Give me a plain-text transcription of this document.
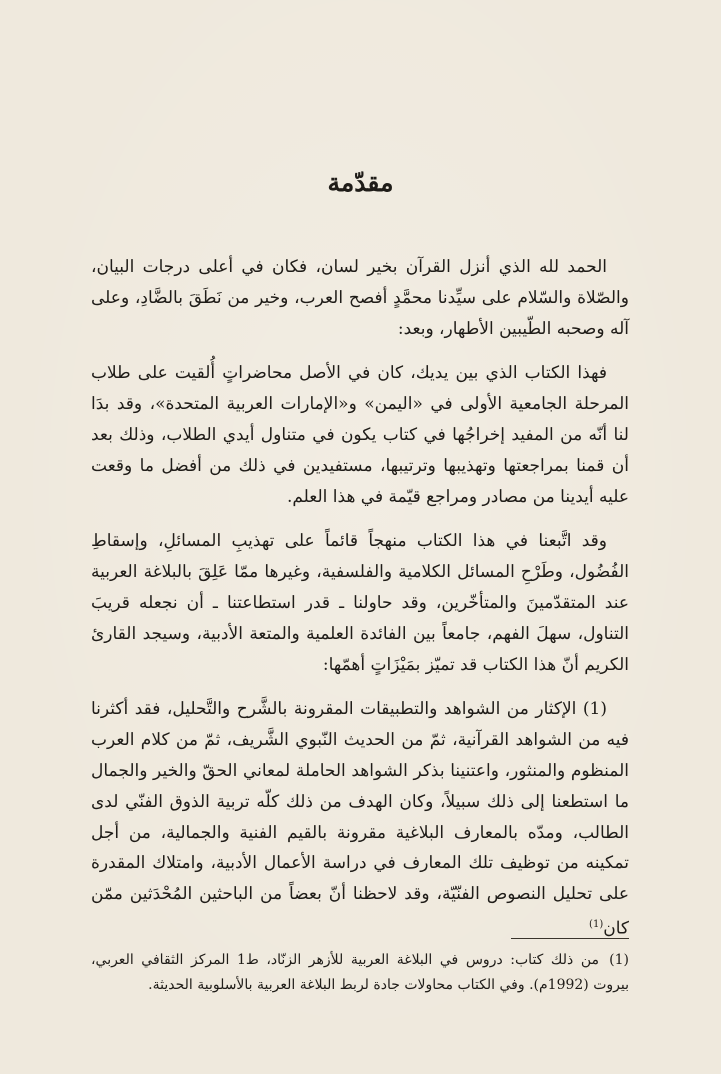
مقدّمة

الحمد لله الذي أنزل القرآن بخير لسان، فكان في أعلى درجات البيان، والصّلاة والسّلام على سيِّدنا محمَّدٍ أفصح العرب، وخير من نَطَقَ بالضَّادِ، وعلى آله وصحبه الطّيبين الأطهار، وبعد:

فهذا الكتاب الذي بين يديك، كان في الأصل محاضراتٍ أُلقيت على طلاب المرحلة الجامعية الأولى في «اليمن» و«الإمارات العربية المتحدة»، وقد بدَا لنا أنّه من المفيد إخراجُها في كتاب يكون في متناول أيدي الطلاب، وذلك بعد أن قمنا بمراجعتها وتهذيبها وترتيبها، مستفيدين في ذلك من أفضل ما وقعت عليه أيدينا من مصادر ومراجع قيّمة في هذا العلم.

وقد اتَّبعنا في هذا الكتاب منهجاً قائماً على تهذيبِ المسائلِ، وإسقاطِ الفُضُول، وطَرْحِ المسائل الكلامية والفلسفية، وغيرها ممّا عَلِقَ بالبلاغة العربية عند المتقدّمينَ والمتأخّرين، وقد حاولنا ـ قدر استطاعتنا ـ أن نجعله قريبَ التناول، سهلَ الفهم، جامعاً بين الفائدة العلمية والمتعة الأدبية، وسيجد القارئ الكريم أنّ هذا الكتاب قد تميّز بمَيْزَاتٍ أهمّها:

(1) الإكثار من الشواهد والتطبيقات المقرونة بالشَّرح والتَّحليل، فقد أكثرنا فيه من الشواهد القرآنية، ثمّ من الحديث النّبوي الشَّريف، ثمّ من كلام العرب المنظوم والمنثور، واعتنينا بذكر الشواهد الحاملة لمعاني الحقّ والخير والجمال ما استطعنا إلى ذلك سبيلاً، وكان الهدف من ذلك كلّه تربية الذوق الفنّي لدى الطالب، ومدّه بالمعارف البلاغية مقرونة بالقيم الفنية والجمالية، من أجل تمكينه من توظيف تلك المعارف في دراسة الأعمال الأدبية، وامتلاك المقدرة على تحليل النصوص الفنّيّة، وقد لاحظنا أنّ بعضاً من الباحثين المُحْدَثين ممّن كان$^{(1)}$

(1)من ذلك كتاب: دروس في البلاغة العربية للأزهر الزنّاد، ط1 المركز الثقافي العربي، بيروت (1992م). وفي الكتاب محاولات جادة لربط البلاغة العربية بالأسلوبية الحديثة.
